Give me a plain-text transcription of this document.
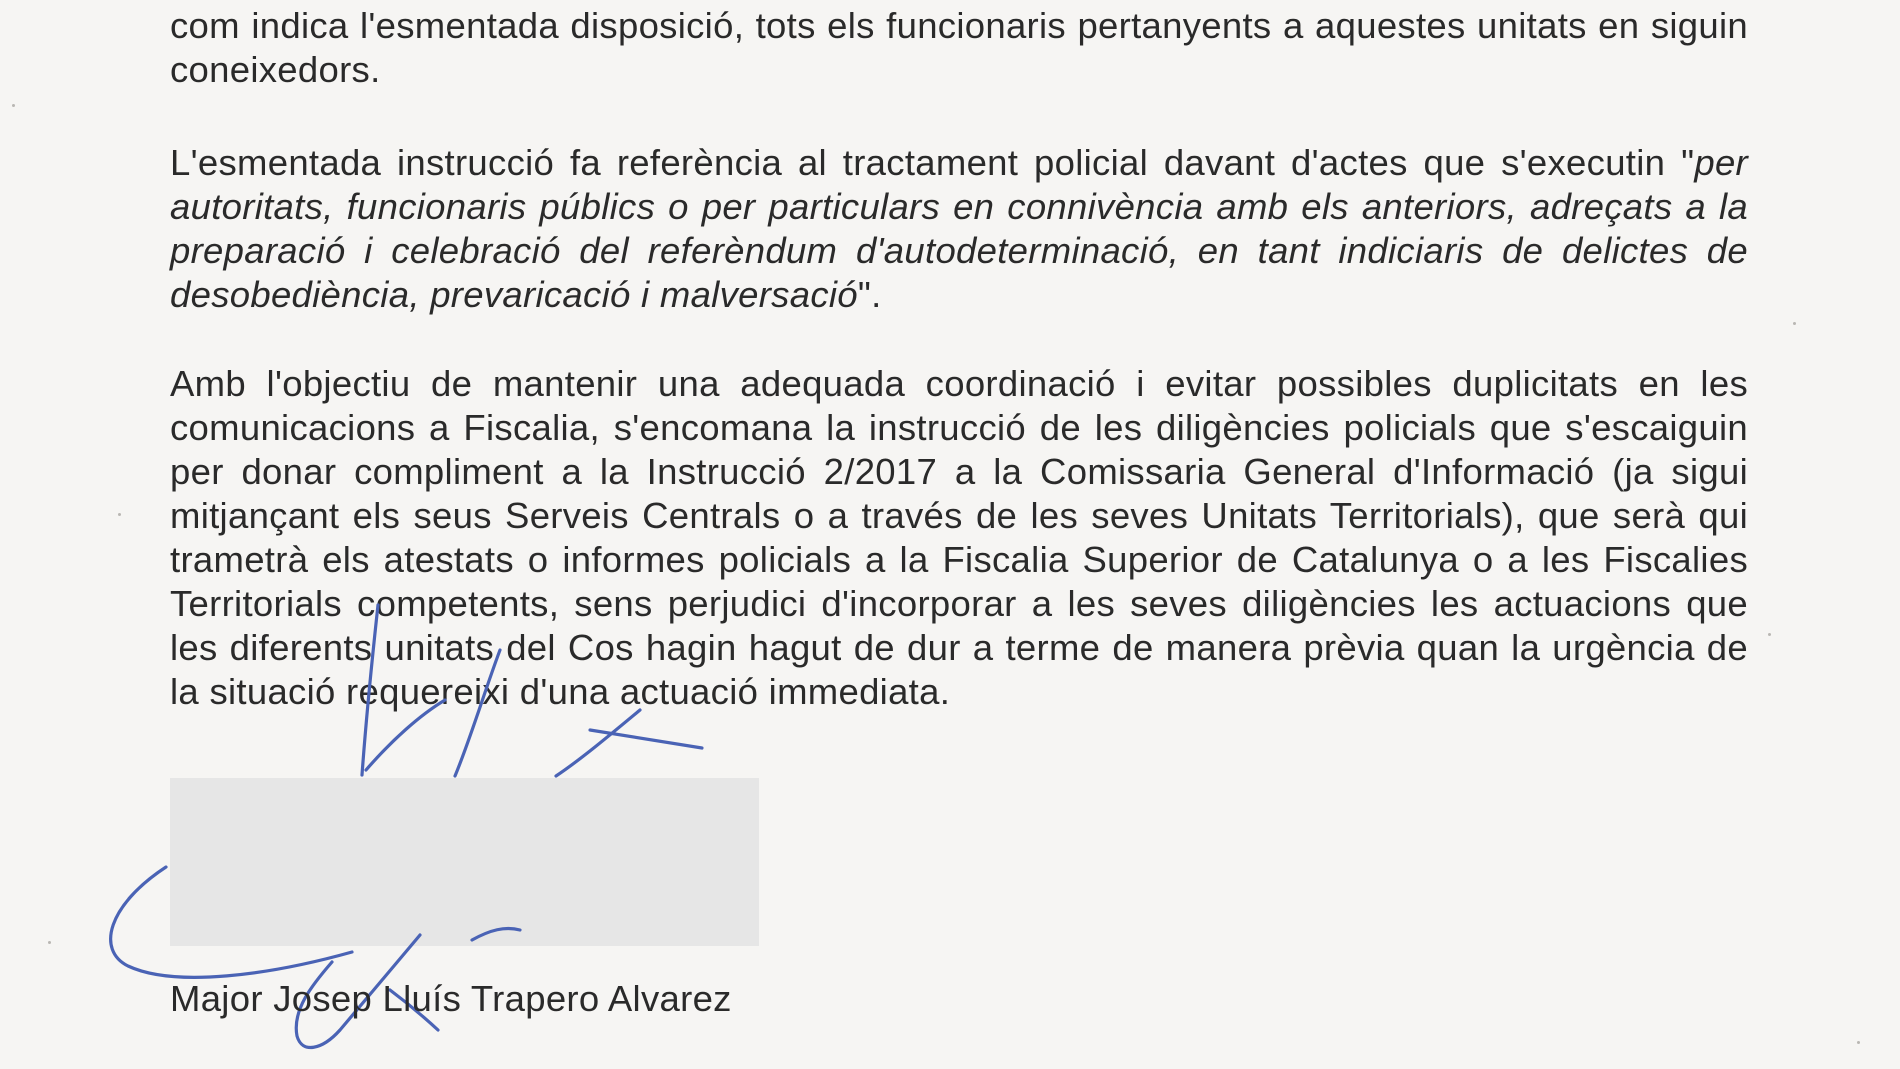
com indica l'esmentada disposició, tots els funcionaris pertanyents a aquestes unitats en siguin coneixedors.

L'esmentada instrucció fa referència al tractament policial davant d'actes que s'executin "per autoritats, funcionaris públics o per particulars en connivència amb els anteriors, adreçats a la preparació i celebració del referèndum d'autodeterminació, en tant indiciaris de delictes de desobediència, prevaricació i malversació".

Amb l'objectiu de mantenir una adequada coordinació i evitar possibles duplicitats en les comunicacions a Fiscalia, s'encomana la instrucció de les diligències policials que s'escaiguin per donar compliment a la Instrucció 2/2017 a la Comissaria General d'Informació (ja sigui mitjançant els seus Serveis Centrals o a través de les seves Unitats Territorials), que serà qui trametrà els atestats o informes policials a la Fiscalia Superior de Catalunya o a les Fiscalies Territorials competents, sens perjudici d'incorporar a les seves diligències les actuacions que les diferents unitats del Cos hagin hagut de dur a terme de manera prèvia quan la urgència de la situació requereixi d'una actuació immediata.

Major Josep Lluís Trapero Alvarez
